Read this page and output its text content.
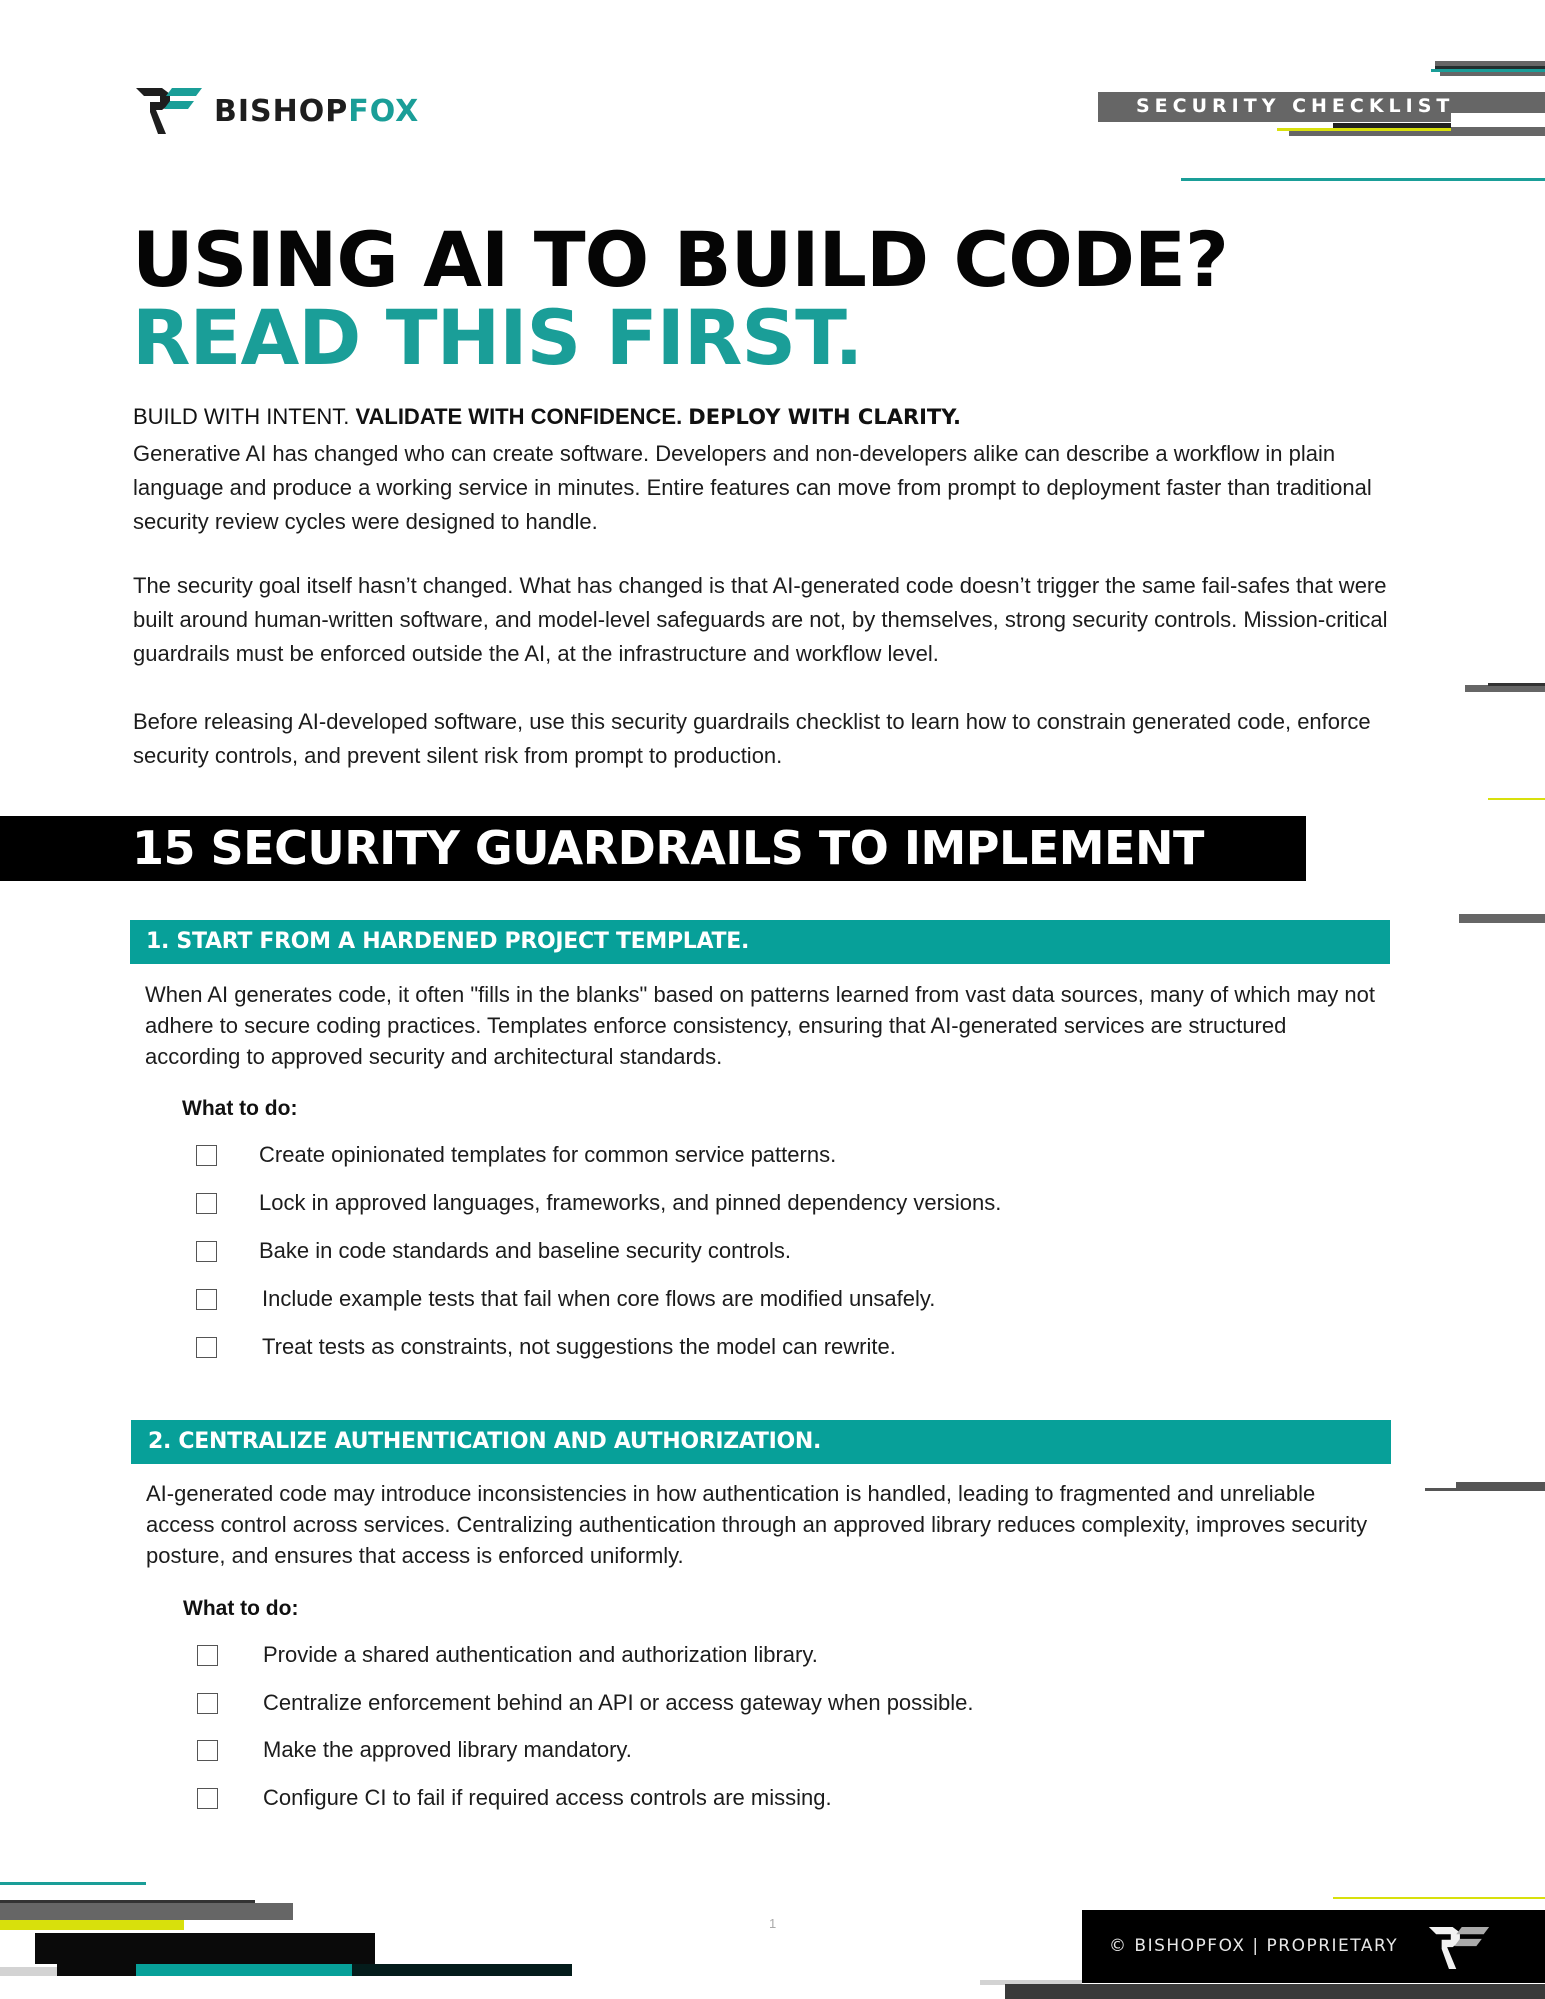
BISHOPFOX	SECURITY CHECKLIST
USING AI TO BUILD CODE?
READ THIS FIRST.
BUILD WITH INTENT. VALIDATE WITH CONFIDENCE. DEPLOY WITH CLARITY.

Generative AI has changed who can create software. Developers and non-developers alike can describe a workflow in plain language and produce a working service in minutes. Entire features can move from prompt to deployment faster than traditional security review cycles were designed to handle.

The security goal itself hasn’t changed. What has changed is that AI-generated code doesn’t trigger the same fail-safes that were built around human-written software, and model-level safeguards are not, by themselves, strong security controls. Mission-critical guardrails must be enforced outside the AI, at the infrastructure and workflow level.

Before releasing AI-developed software, use this security guardrails checklist to learn how to constrain generated code, enforce security controls, and prevent silent risk from prompt to production.

15 SECURITY GUARDRAILS TO IMPLEMENT
1. START FROM A HARDENED PROJECT TEMPLATE.

When AI generates code, it often "fills in the blanks" based on patterns learned from vast data sources, many of which may not adhere to secure coding practices. Templates enforce consistency, ensuring that AI-generated services are structured according to approved security and architectural standards.

What to do:
Create opinionated templates for common service patterns.
Lock in approved languages, frameworks, and pinned dependency versions.
Bake in code standards and baseline security controls.
Include example tests that fail when core flows are modified unsafely.
Treat tests as constraints, not suggestions the model can rewrite.
2. CENTRALIZE AUTHENTICATION AND AUTHORIZATION.

AI-generated code may introduce inconsistencies in how authentication is handled, leading to fragmented and unreliable access control across services. Centralizing authentication through an approved library reduces complexity, improves security posture, and ensures that access is enforced uniformly.

What to do:
Provide a shared authentication and authorization library.
Centralize enforcement behind an API or access gateway when possible.
Make the approved library mandatory.
Configure CI to fail if required access controls are missing.
1
© BISHOPFOX | PROPRIETARY
